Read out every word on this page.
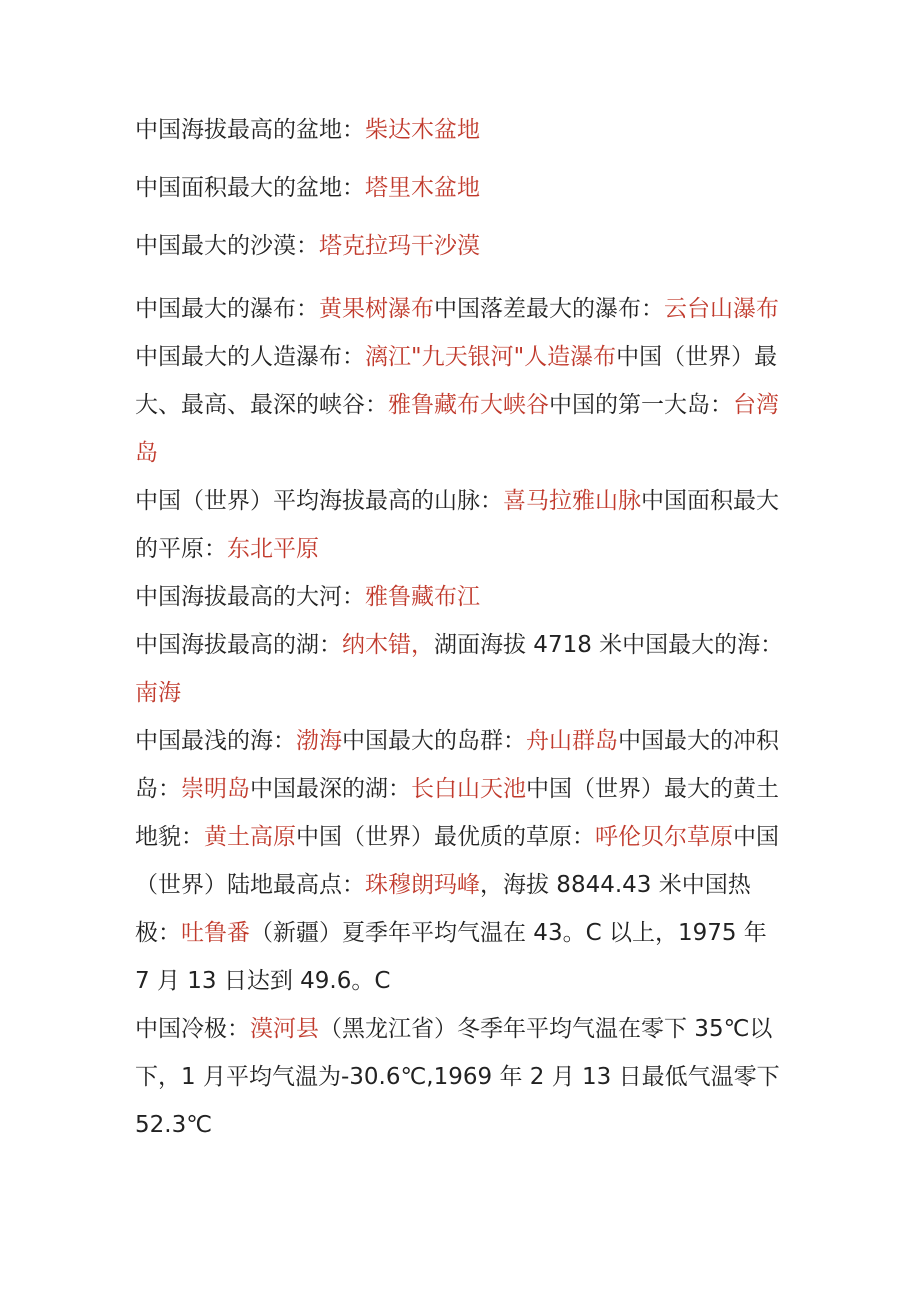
中国海拔最高的盆地：柴达木盆地
中国面积最大的盆地：塔里木盆地
中国最大的沙漠：塔克拉玛干沙漠

中国最大的瀑布：黄果树瀑布中国落差最大的瀑布：云台山瀑布中国最大的人造瀑布：漓江"九天银河"人造瀑布中国（世界）最大、最高、最深的峡谷：雅鲁藏布大峡谷中国的第一大岛：台湾岛

中国（世界）平均海拔最高的山脉：喜马拉雅山脉中国面积最大的平原：东北平原

中国海拔最高的大河：雅鲁藏布江

中国海拔最高的湖：纳木错，湖面海拔 4718 米中国最大的海：南海

中国最浅的海：渤海中国最大的岛群：舟山群岛中国最大的冲积岛：崇明岛中国最深的湖：长白山天池中国（世界）最大的黄土地貌：黄土高原中国（世界）最优质的草原：呼伦贝尔草原中国（世界）陆地最高点：珠穆朗玛峰，海拔 8844.43 米中国热极：吐鲁番（新疆）夏季年平均气温在 43。C 以上，1975 年 7 月 13 日达到 49.6。C

中国冷极：漠河县（黑龙江省）冬季年平均气温在零下 35℃以下，1 月平均气温为-30.6℃,1969 年 2 月 13 日最低气温零下 52.3℃
